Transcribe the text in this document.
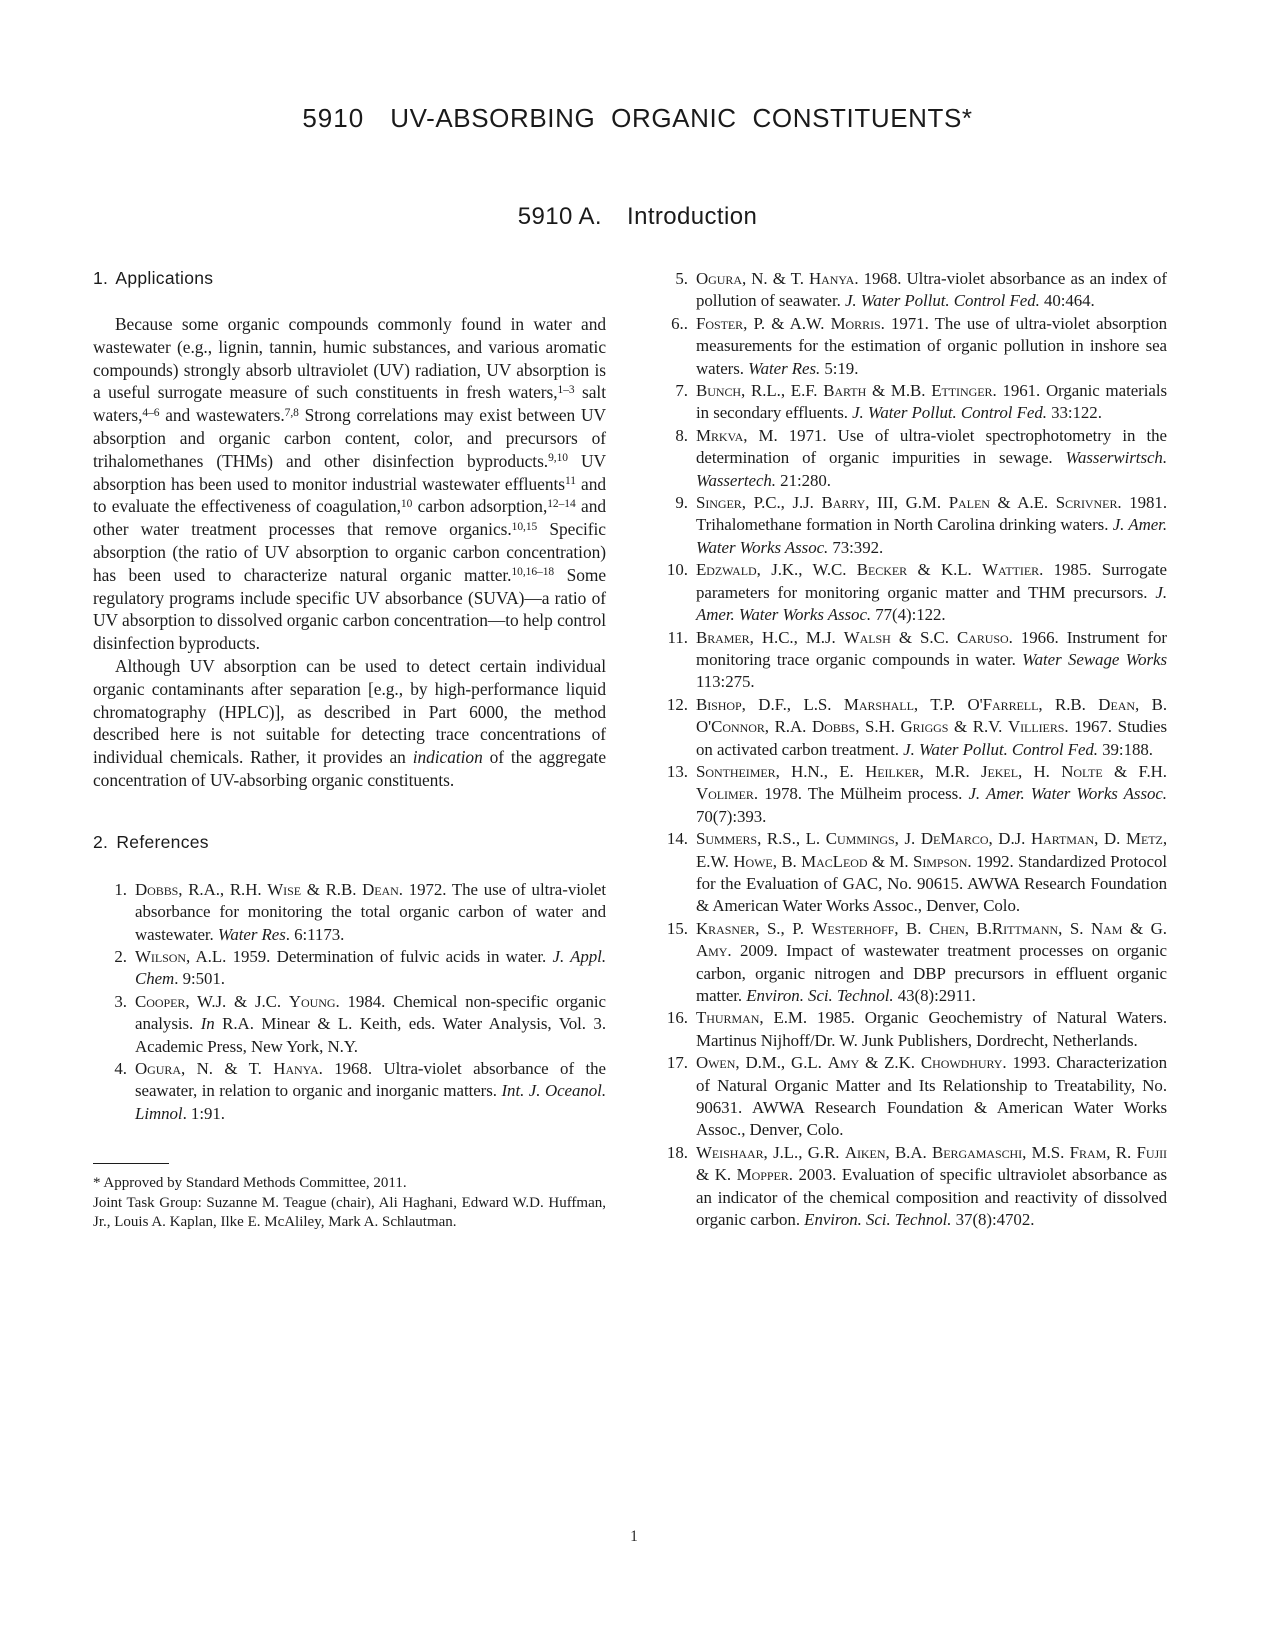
5910 UV-ABSORBING ORGANIC CONSTITUENTS*
5910 A. Introduction
1. Applications

Because some organic compounds commonly found in water and wastewater (e.g., lignin, tannin, humic substances, and various aromatic compounds) strongly absorb ultraviolet (UV) radiation, UV absorption is a useful surrogate measure of such constituents in fresh waters,$^{1-3}$ salt waters,$^{4-6}$ and wastewaters.$^{7,8}$ Strong correlations may exist between UV absorption and organic carbon content, color, and precursors of trihalomethanes (THMs) and other disinfection byproducts.$^{9,10}$ UV absorption has been used to monitor industrial wastewater effluents$^{11}$ and to evaluate the effectiveness of coagulation,$^{10}$ carbon adsorption,$^{12-14}$ and other water treatment processes that remove organics.$^{10,15}$ Specific absorption (the ratio of UV absorption to organic carbon concentration) has been used to characterize natural organic matter.$^{10,16-18}$ Some regulatory programs include specific UV absorbance (SUVA)—a ratio of UV absorption to dissolved organic carbon concentration—to help control disinfection byproducts.

Although UV absorption can be used to detect certain individual organic contaminants after separation [e.g., by high-performance liquid chromatography (HPLC)], as described in Part 6000, the method described here is not suitable for detecting trace concentrations of individual chemicals. Rather, it provides an indication of the aggregate concentration of UV-absorbing organic constituents.

2. References
1. Dobbs, R.A., R.H. Wise & R.B. Dean. 1972. The use of ultra-violet absorbance for monitoring the total organic carbon of water and wastewater. Water Res. 6:1173.
2. Wilson, A.L. 1959. Determination of fulvic acids in water. J. Appl. Chem. 9:501.
3. Cooper, W.J. & J.C. Young. 1984. Chemical non-specific organic analysis. In R.A. Minear & L. Keith, eds. Water Analysis, Vol. 3. Academic Press, New York, N.Y.
4. Ogura, N. & T. Hanya. 1968. Ultra-violet absorbance of the seawater, in relation to organic and inorganic matters. Int. J. Oceanol. Limnol. 1:91.

* Approved by Standard Methods Committee, 2011.

Joint Task Group: Suzanne M. Teague (chair), Ali Haghani, Edward W.D. Huffman, Jr., Louis A. Kaplan, Ilke E. McAliley, Mark A. Schlautman.

5. Ogura, N. & T. Hanya. 1968. Ultra-violet absorbance as an index of pollution of seawater. J. Water Pollut. Control Fed. 40:464.
6.. Foster, P. & A.W. Morris. 1971. The use of ultra-violet absorption measurements for the estimation of organic pollution in inshore sea waters. Water Res. 5:19.
7. Bunch, R.L., E.F. Barth & M.B. Ettinger. 1961. Organic materials in secondary effluents. J. Water Pollut. Control Fed. 33:122.
8. Mrkva, M. 1971. Use of ultra-violet spectrophotometry in the determination of organic impurities in sewage. Wasserwirtsch. Wassertech. 21:280.
9. Singer, P.C., J.J. Barry, III, G.M. Palen & A.E. Scrivner. 1981. Trihalomethane formation in North Carolina drinking waters. J. Amer. Water Works Assoc. 73:392.
10. Edzwald, J.K., W.C. Becker & K.L. Wattier. 1985. Surrogate parameters for monitoring organic matter and THM precursors. J. Amer. Water Works Assoc. 77(4):122.
11. Bramer, H.C., M.J. Walsh & S.C. Caruso. 1966. Instrument for monitoring trace organic compounds in water. Water Sewage Works 113:275.
12. Bishop, D.F., L.S. Marshall, T.P. O'Farrell, R.B. Dean, B. O'Connor, R.A. Dobbs, S.H. Griggs & R.V. Villiers. 1967. Studies on activated carbon treatment. J. Water Pollut. Control Fed. 39:188.
13. Sontheimer, H.N., E. Heilker, M.R. Jekel, H. Nolte & F.H. Volimer. 1978. The Mülheim process. J. Amer. Water Works Assoc. 70(7):393.
14. Summers, R.S., L. Cummings, J. DeMarco, D.J. Hartman, D. Metz, E.W. Howe, B. MacLeod & M. Simpson. 1992. Standardized Protocol for the Evaluation of GAC, No. 90615. AWWA Research Foundation & American Water Works Assoc., Denver, Colo.
15. Krasner, S., P. Westerhoff, B. Chen, B.Rittmann, S. Nam & G. Amy. 2009. Impact of wastewater treatment processes on organic carbon, organic nitrogen and DBP precursors in effluent organic matter. Environ. Sci. Technol. 43(8):2911.
16. Thurman, E.M. 1985. Organic Geochemistry of Natural Waters. Martinus Nijhoff/Dr. W. Junk Publishers, Dordrecht, Netherlands.
17. Owen, D.M., G.L. Amy & Z.K. Chowdhury. 1993. Characterization of Natural Organic Matter and Its Relationship to Treatability, No. 90631. AWWA Research Foundation & American Water Works Assoc., Denver, Colo.
18. Weishaar, J.L., G.R. Aiken, B.A. Bergamaschi, M.S. Fram, R. Fujii & K. Mopper. 2003. Evaluation of specific ultraviolet absorbance as an indicator of the chemical composition and reactivity of dissolved organic carbon. Environ. Sci. Technol. 37(8):4702.
1
